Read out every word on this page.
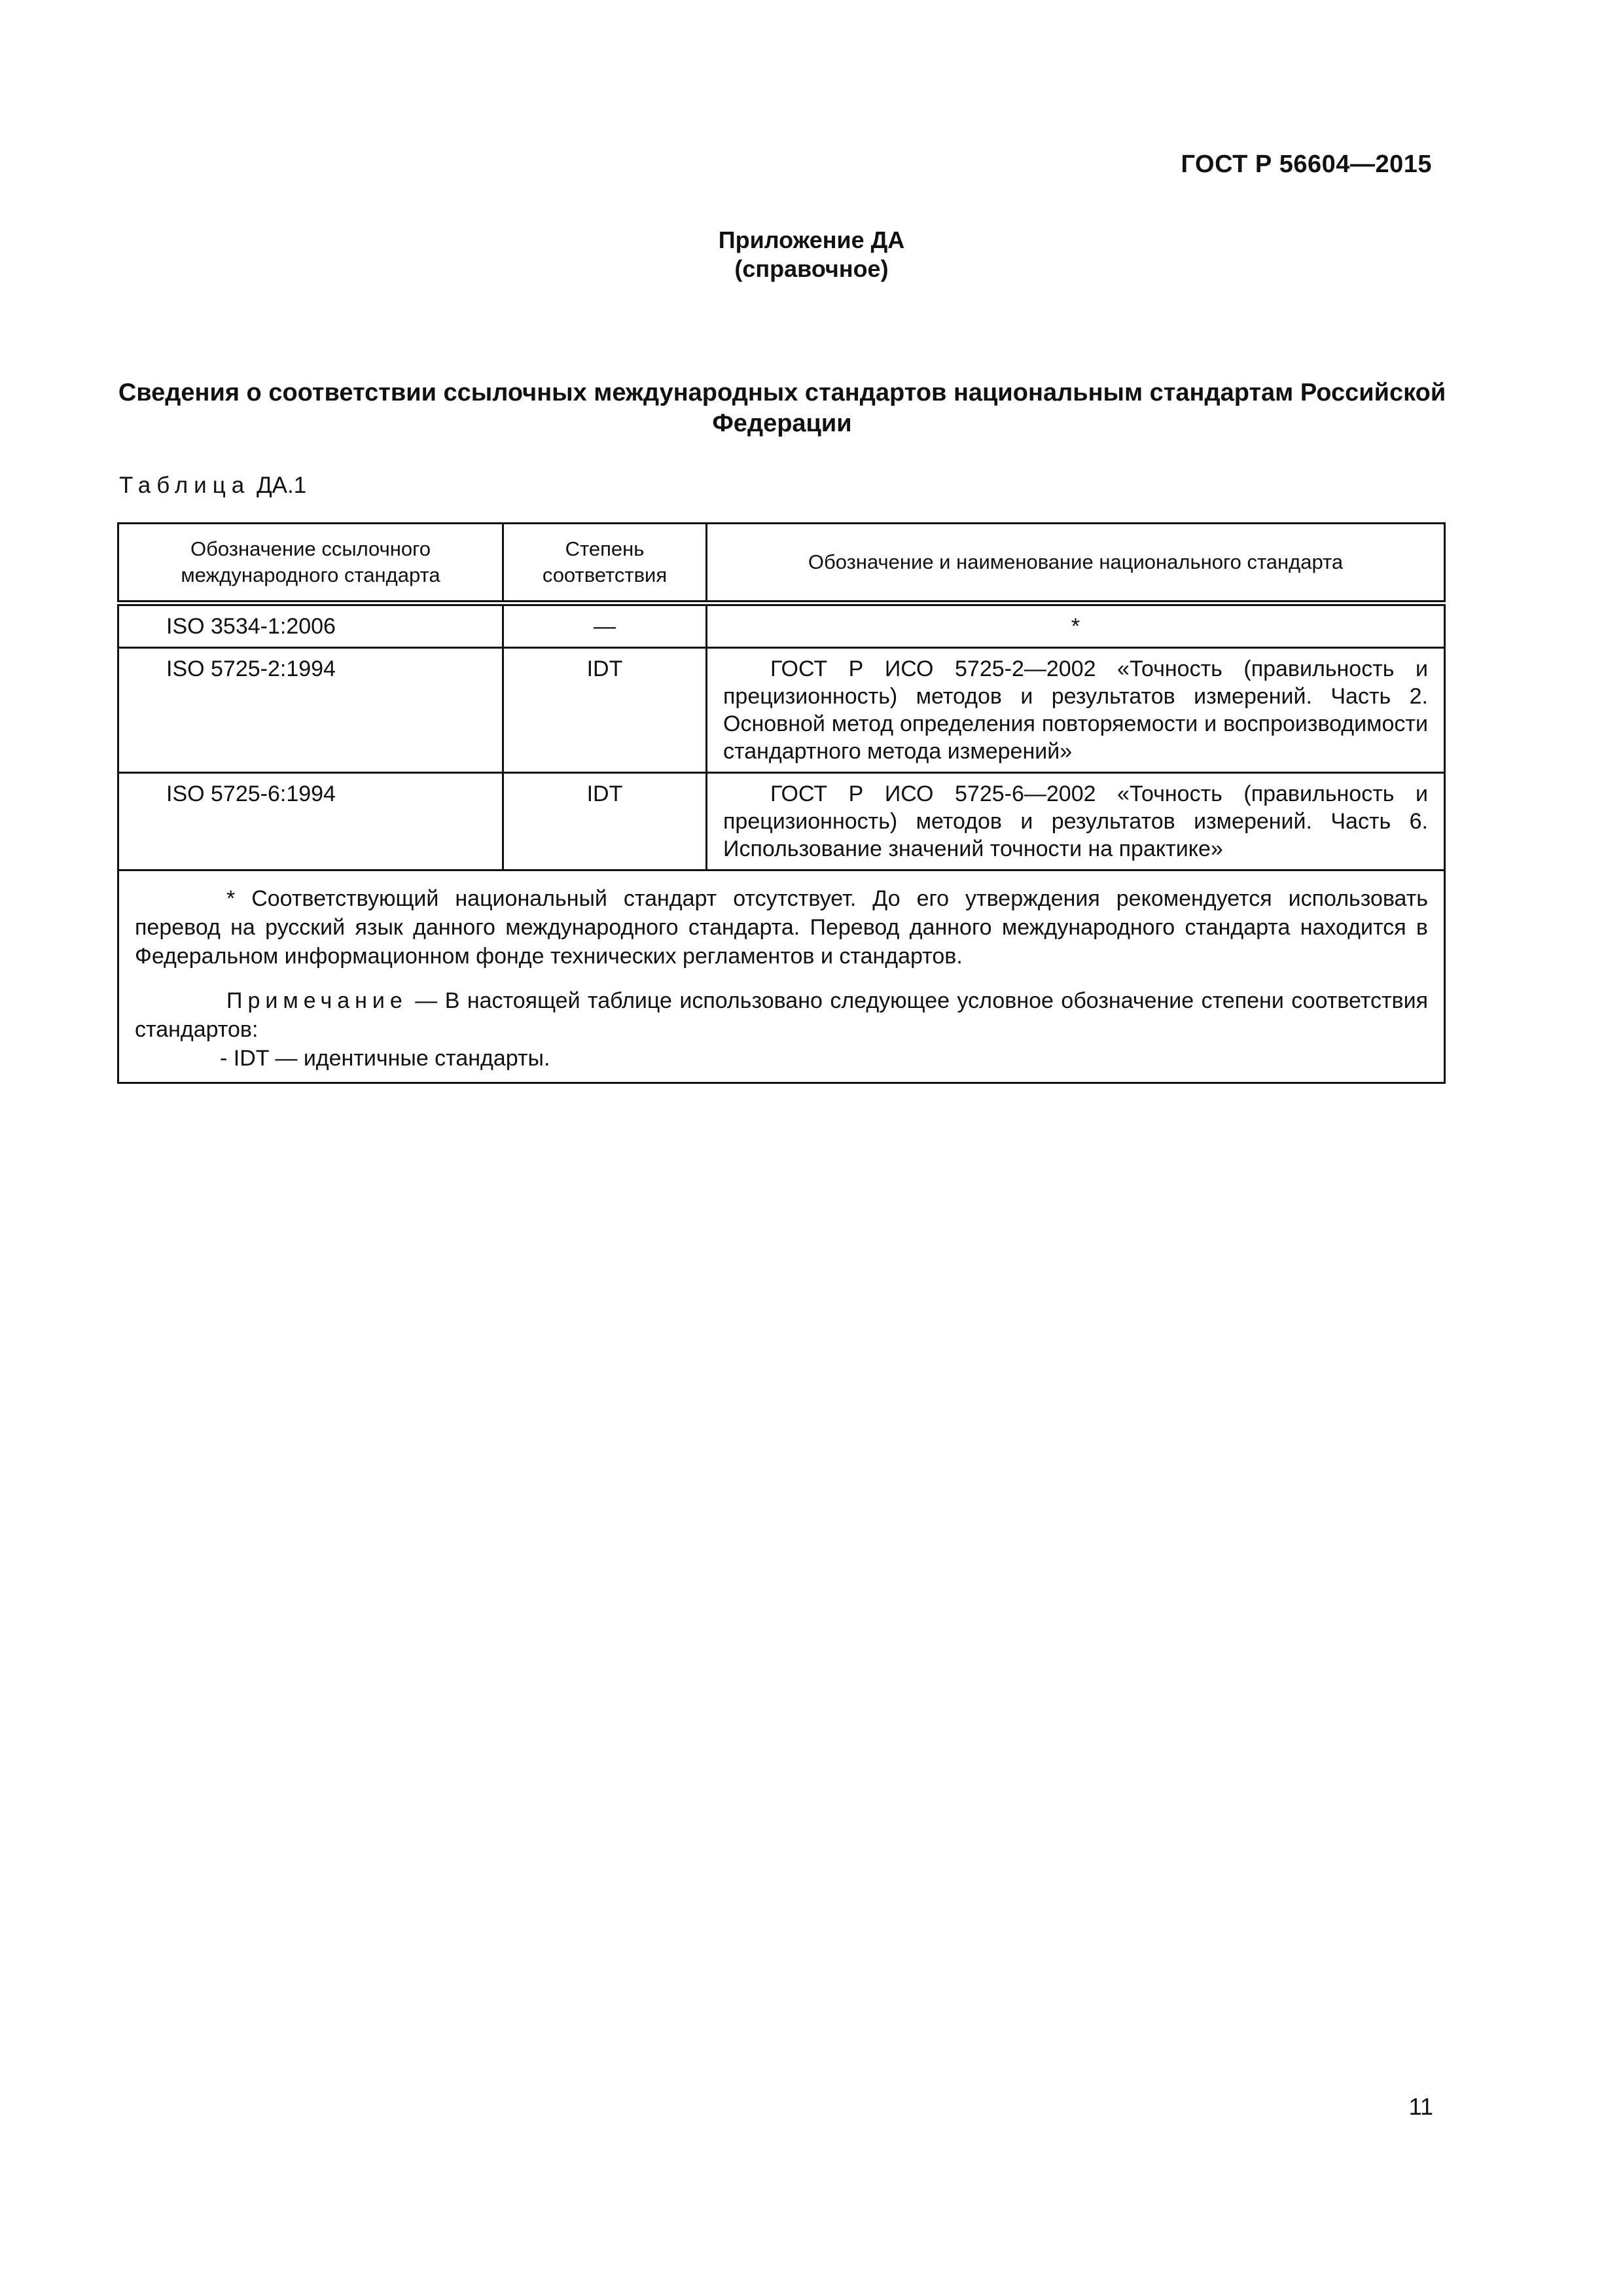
ГОСТ Р 56604—2015
Приложение ДА
(справочное)
Сведения о соответствии ссылочных международных стандартов национальным стандартам Российской Федерации
Таблица ДА.1
Обозначение ссылочного международного стандарта	Степень соответствия	Обозначение и наименование национального стандарта
ISO 3534-1:2006	—	*
ISO 5725-2:1994	IDT	ГОСТ Р ИСО 5725-2—2002 «Точность (правильность и прецизионность) методов и результатов измерений. Часть 2. Основной метод определения повторяемости и воспроизводимости стандартного метода измерений»

ISO 5725-6:1994	IDT	ГОСТ Р ИСО 5725-6—2002 «Точность (правильность и прецизионность) методов и результатов измерений. Часть 6. Использование значений точности на практике»

* Соответствующий национальный стандарт отсутствует. До его утверждения рекомендуется использовать перевод на русский язык данного международного стандарта. Перевод данного международного стандарта находится в Федеральном информационном фонде технических регламентов и стандартов.

Примечание — В настоящей таблице использовано следующее условное обозначение степени соответствия стандартов:

- IDT — идентичные стандарты.		

11
